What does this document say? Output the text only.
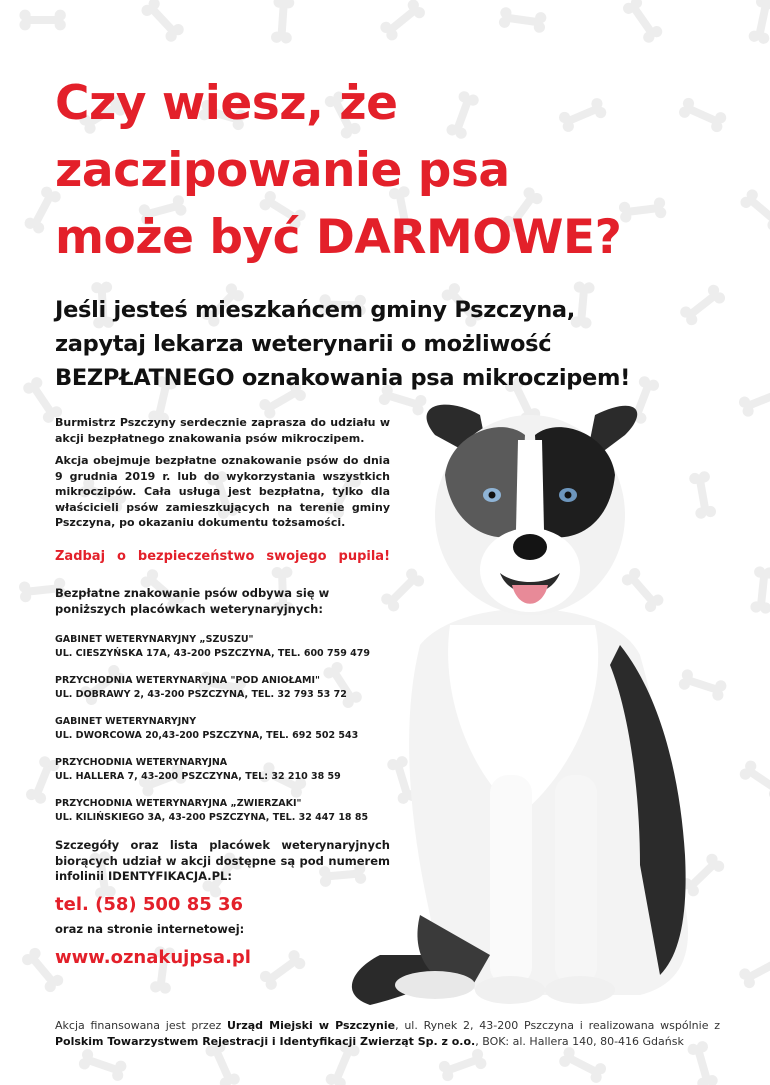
Czy wiesz, że
zaczipowanie psa
może być DARMOWE?
Jeśli jesteś mieszkańcem gminy Pszczyna,
zapytaj lekarza weterynarii o możliwość
BEZPŁATNEGO oznakowania psa mikroczipem!

Burmistrz Pszczyny serdecznie zaprasza do udziału w akcji bezpłatnego znakowania psów mikroczipem.

Akcja obejmuje bezpłatne oznakowanie psów do dnia 9 grudnia 2019 r. lub do wykorzystania wszystkich mikroczipów. Cała usługa jest bezpłatna, tylko dla właścicieli psów zamieszkujących na terenie gminy Pszczyna, po okazaniu dokumentu tożsamości.

Zadbaj o bezpieczeństwo swojego pupila!

Bezpłatne znakowanie psów odbywa się w poniższych placówkach weterynaryjnych:

GABINET WETERYNARYJNY „SZUSZU"
UL. CIESZYŃSKA 17A, 43-200 PSZCZYNA, TEL. 600 759 479
PRZYCHODNIA WETERYNARYJNA "POD ANIOŁAMI"
UL. DOBRAWY 2, 43-200 PSZCZYNA, TEL. 32 793 53 72
GABINET WETERYNARYJNY
UL. DWORCOWA 20,43-200 PSZCZYNA, TEL. 692 502 543
PRZYCHODNIA WETERYNARYJNA
UL. HALLERA 7, 43-200 PSZCZYNA, TEL: 32 210 38 59
PRZYCHODNIA WETERYNARYJNA „ZWIERZAKI"
UL. KILIŃSKIEGO 3A, 43-200 PSZCZYNA, TEL. 32 447 18 85

Szczegóły oraz lista placówek weterynaryjnych biorących udział w akcji dostępne są pod numerem infolinii IDENTYFIKACJA.PL:

tel. (58) 500 85 36

oraz na stronie internetowej:

www.oznakujpsa.pl

Akcja finansowana jest przez Urząd Miejski w Pszczynie, ul. Rynek 2, 43-200 Pszczyna i realizowana wspólnie z Polskim Towarzystwem Rejestracji i Identyfikacji Zwierząt Sp. z o.o., BOK: al. Hallera 140, 80-416 Gdańsk
